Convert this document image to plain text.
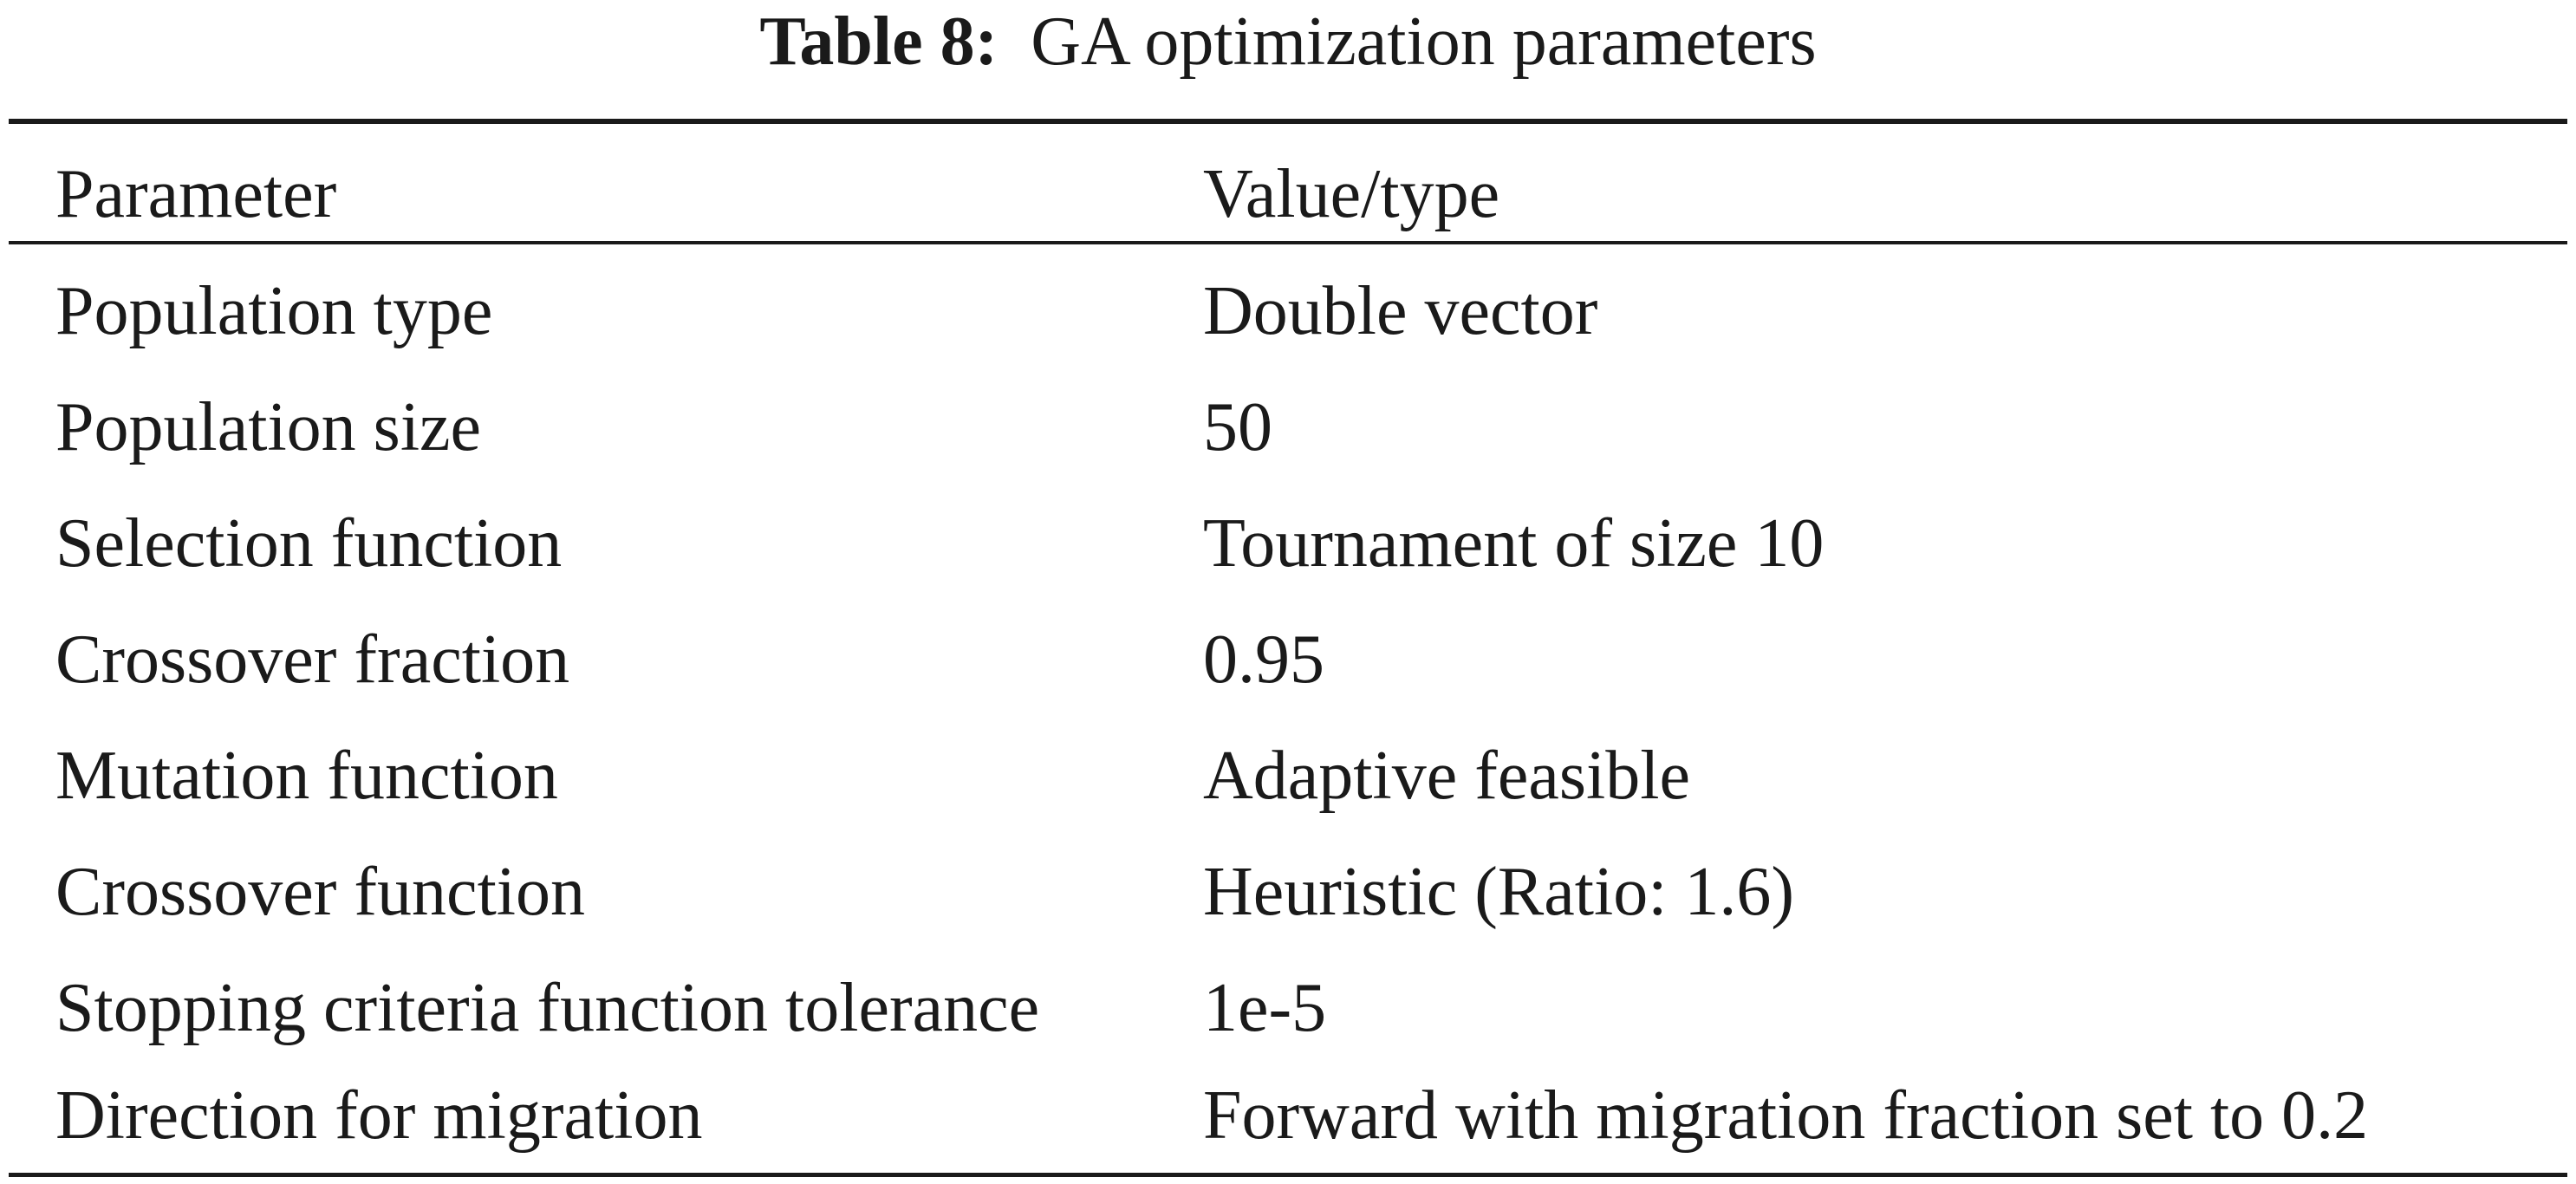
Table 8: GA optimization parameters
Parameter	Value/type
Population type	Double vector
Population size	50
Selection function	Tournament of size 10
Crossover fraction	0.95
Mutation function	Adaptive feasible
Crossover function	Heuristic (Ratio: 1.6)
Stopping criteria function tolerance 1e-5
Direction for migration	Forward with migration fraction set to 0.2
